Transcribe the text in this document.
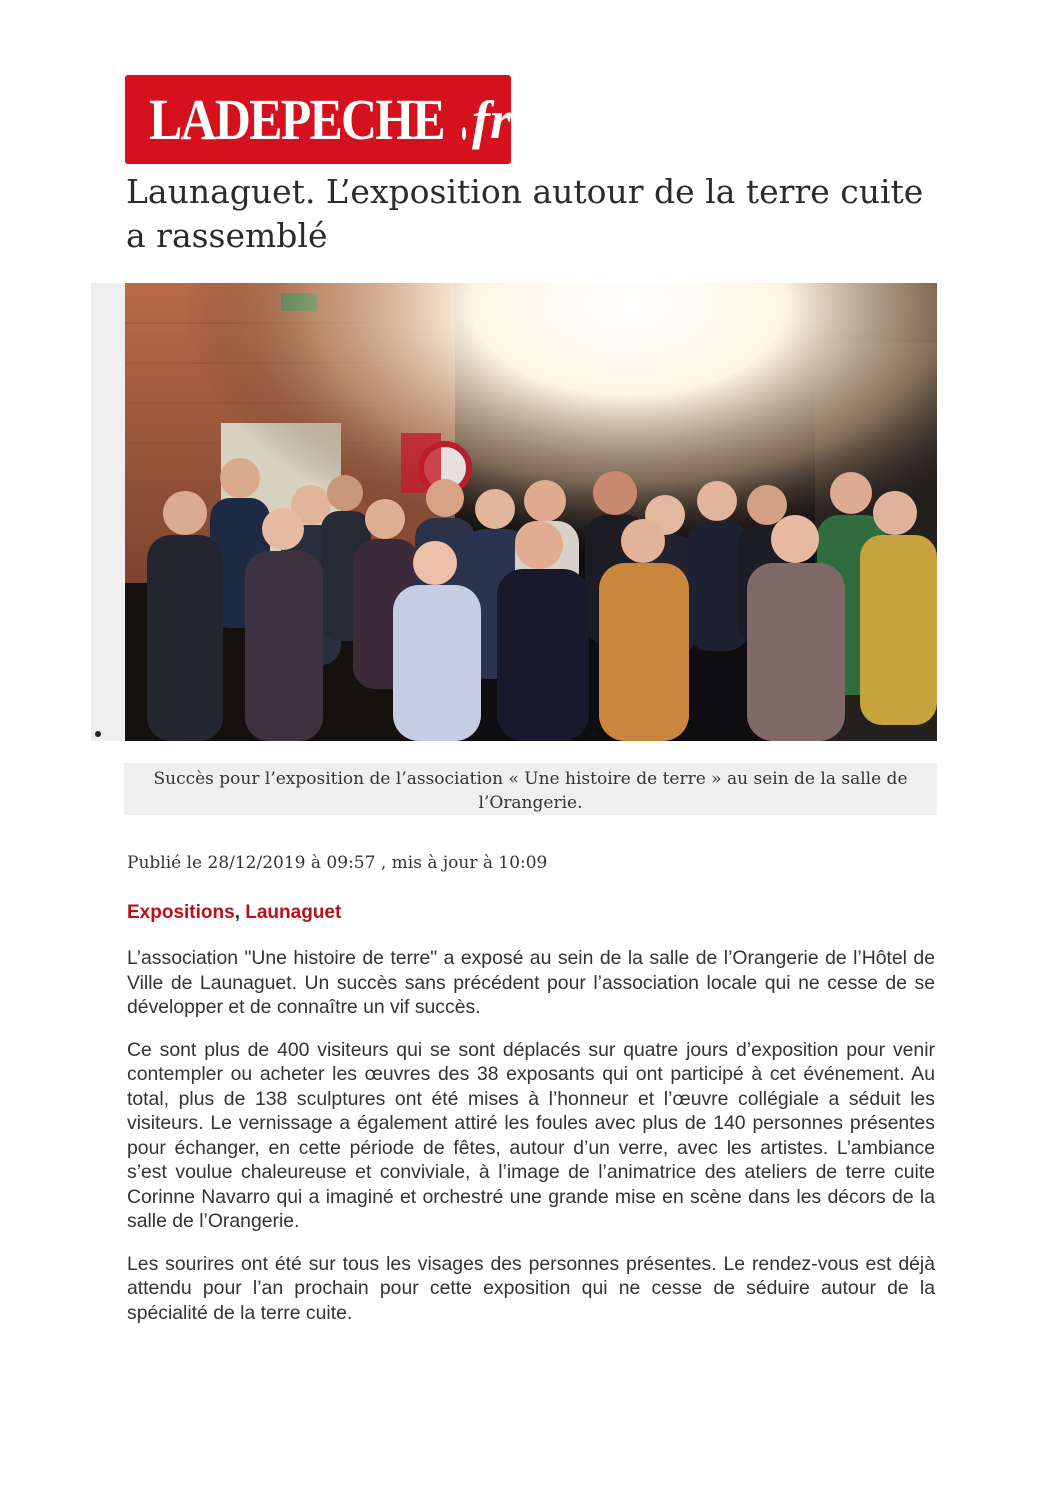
LADEPECHE fr
Launaguet. L’exposition autour de la terre cuite a rassemblé
Succès pour l’exposition de l’association « Une histoire de terre » au sein de la salle de l’Orangerie.
Publié le 28/12/2019 à 09:57 , mis à jour à 10:09
Expositions, Launaguet

L’association "Une histoire de terre" a exposé au sein de la salle de l’Orangerie de l’Hôtel de Ville de Launaguet. Un succès sans précédent pour l’association locale qui ne cesse de se développer et de connaître un vif succès.

Ce sont plus de 400 visiteurs qui se sont déplacés sur quatre jours d’exposition pour venir contempler ou acheter les œuvres des 38 exposants qui ont participé à cet événement. Au total, plus de 138 sculptures ont été mises à l’honneur et l’œuvre collégiale a séduit les visiteurs. Le vernissage a également attiré les foules avec plus de 140 personnes présentes pour échanger, en cette période de fêtes, autour d’un verre, avec les artistes. L’ambiance s’est voulue chaleureuse et conviviale, à l’image de l’animatrice des ateliers de terre cuite Corinne Navarro qui a imaginé et orchestré une grande mise en scène dans les décors de la salle de l’Orangerie.

Les sourires ont été sur tous les visages des personnes présentes. Le rendez-vous est déjà attendu pour l’an prochain pour cette exposition qui ne cesse de séduire autour de la spécialité de la terre cuite.
